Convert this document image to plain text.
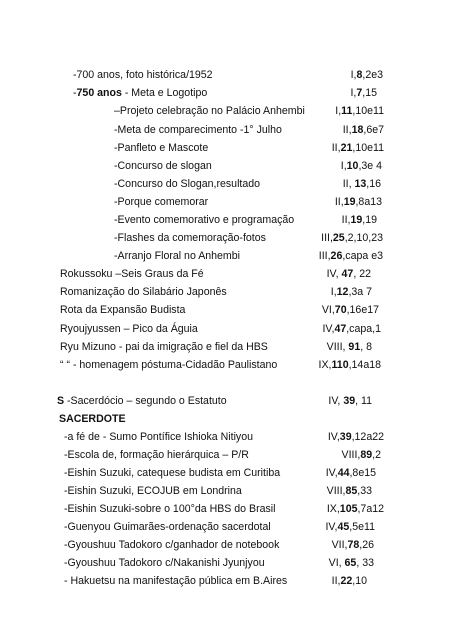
-700 anos, foto histórica/1952	I,8,2e3
-750 anos - Meta e Logotipo	I,7,15
–Projeto celebração no Palácio Anhembi	I,11,10e11
-Meta de comparecimento -1° Julho	II,18,6e7
-Panfleto e Mascote	II,21,10e11
-Concurso de slogan	I,10,3e 4
-Concurso do Slogan,resultado	II, 13,16
-Porque comemorar	II,19,8a13
-Evento comemorativo e programação	II,19,19
-Flashes da comemoração-fotos	III,25,2,10,23
-Arranjo Floral no Anhembi	III,26,capa e3
Rokussoku –Seis Graus da Fé	IV, 47, 22
Romanização do Silabário Japonês	I,12,3a 7
Rota da Expansão Budista	VI,70,16e17
Ryoujyussen – Pico da Águia	IV,47,capa,1
Ryu Mizuno - pai da imigração e fiel da HBS	VIII, 91, 8
“ “ - homenagem póstuma-Cidadão Paulistano	IX,110,14a18
S -Sacerdócio – segundo o Estatuto	IV, 39, 11
SACERDOTE
-a fé de - Sumo Pontífice Ishioka Nitiyou	IV,39,12a22
-Escola de, formação hierárquica – P/R	VIII,89,2
-Eishin Suzuki, catequese budista em Curitiba	IV,44,8e15
-Eishin Suzuki, ECOJUB em Londrina	VIII,85,33
-Eishin Suzuki-sobre o 100°da HBS do Brasil	IX,105,7a12
-Guenyou Guimarães-ordenação sacerdotal	IV,45,5e11
-Gyoushuu Tadokoro c/ganhador de notebook	VII,78,26
-Gyoushuu Tadokoro c/Nakanishi Jyunjyou	VI, 65, 33
- Hakuetsu na manifestação pública em B.Aires	II,22,10
